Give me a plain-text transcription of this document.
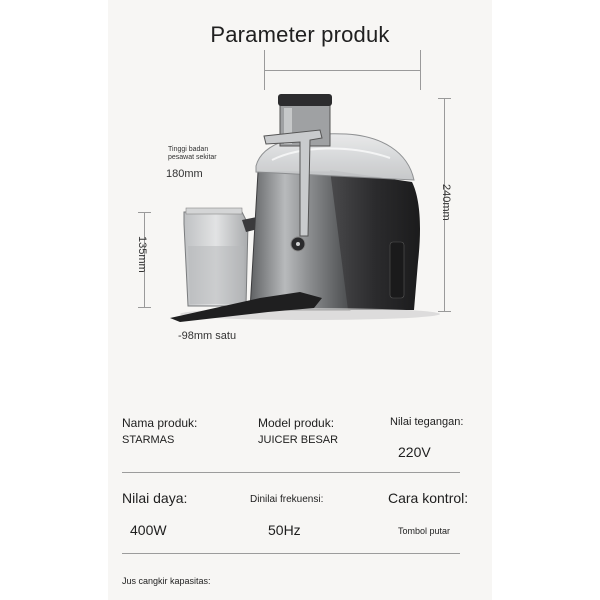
Parameter produk
Tinggi badan
pesawat sekitar
180mm
240mm
135mm
-98mm satu
Nama produk:
STARMAS
Model produk:
JUICER BESAR
Nilai tegangan:
220V
Nilai daya:
400W
Dinilai frekuensi:
50Hz
Cara kontrol:
Tombol putar
Jus cangkir kapasitas:
